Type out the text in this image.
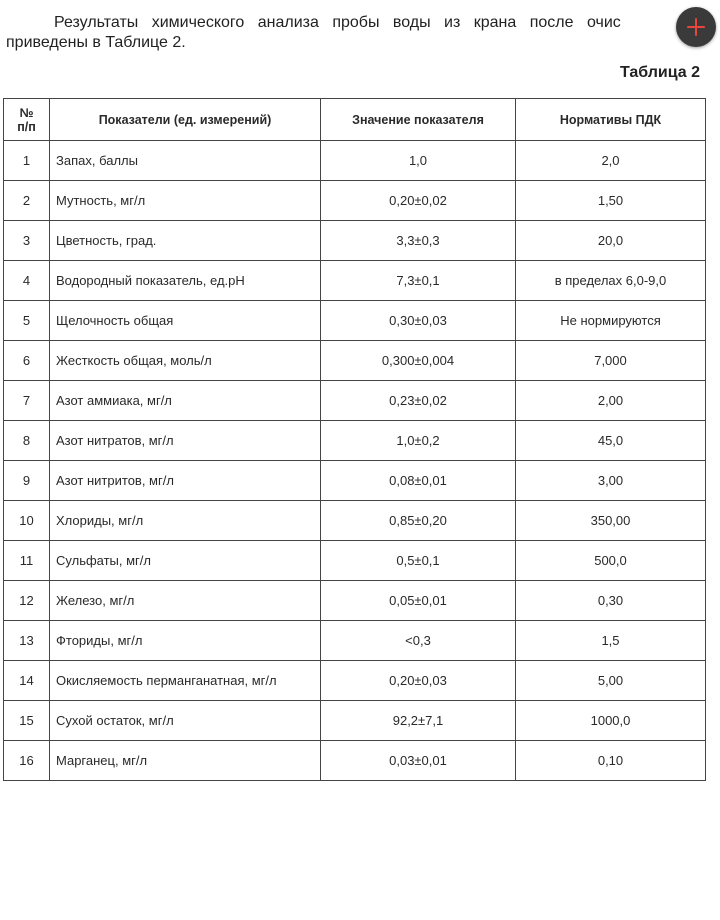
Результаты химического анализа пробы воды из крана после очис
приведены в Таблице 2.
Таблица 2
№
п/п	Показатели (ед. измерений)	Значение показателя	Нормативы ПДК
1	Запах, баллы	1,0	2,0
2	Мутность, мг/л	0,20±0,02	1,50
3	Цветность, град.	3,3±0,3	20,0
4	Водородный показатель, ед.pH	7,3±0,1	в пределах 6,0-9,0
5	Щелочность общая	0,30±0,03	Не нормируются
6	Жесткость общая, моль/л	0,300±0,004	7,000
7	Азот аммиака, мг/л	0,23±0,02	2,00
8	Азот нитратов, мг/л	1,0±0,2	45,0
9	Азот нитритов, мг/л	0,08±0,01	3,00
10	Хлориды, мг/л	0,85±0,20	350,00
11	Сульфаты, мг/л	0,5±0,1	500,0
12	Железо, мг/л	0,05±0,01	0,30
13	Фториды, мг/л	<0,3	1,5
14	Окисляемость перманганатная, мг/л	0,20±0,03	5,00
15	Сухой остаток, мг/л	92,2±7,1	1000,0
16	Марганец, мг/л	0,03±0,01	0,10
